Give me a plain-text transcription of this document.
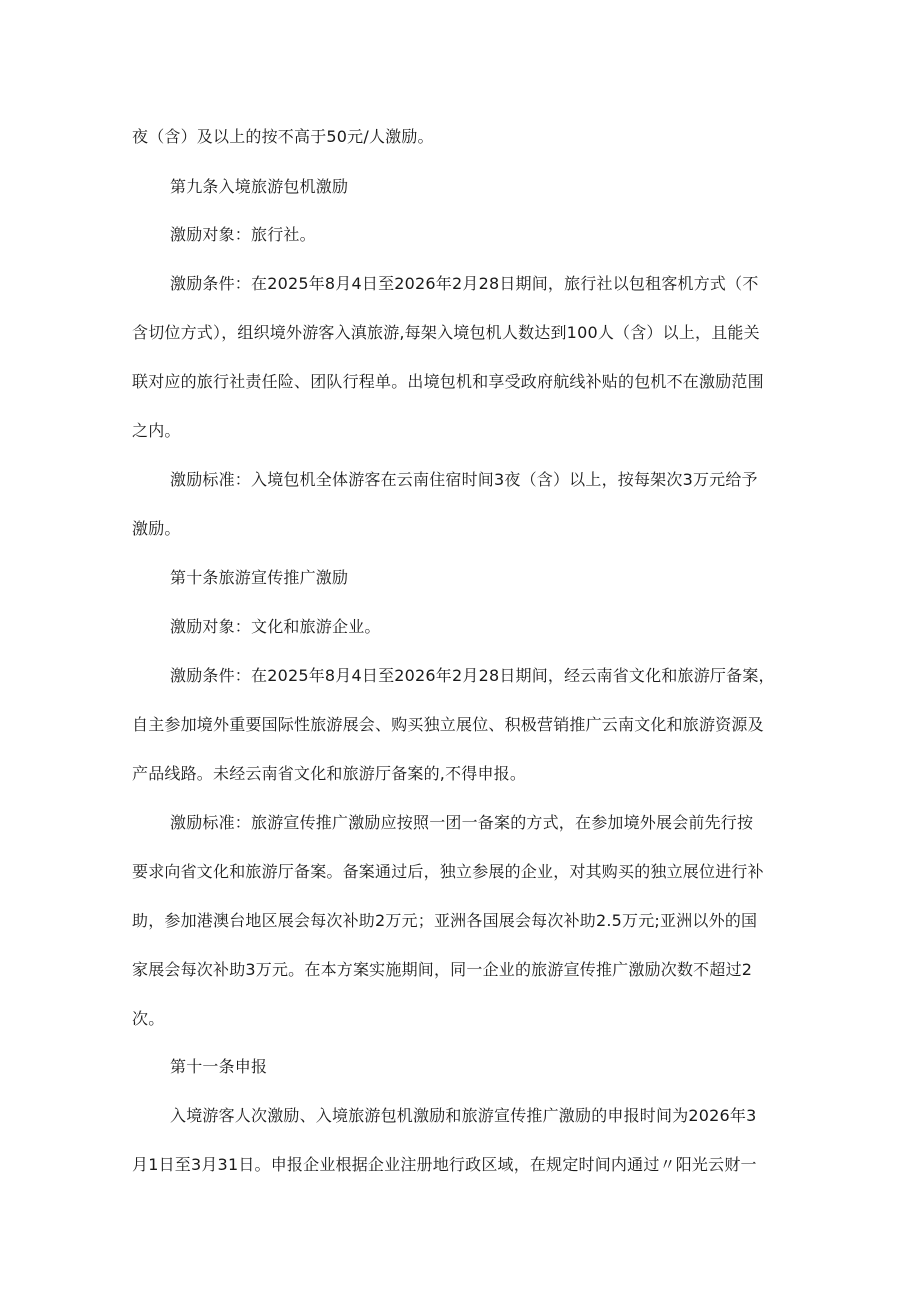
夜（含）及以上的按不高于50元/人激励。
第九条入境旅游包机激励
激励对象：旅行社。
激励条件：在2025年8月4日至2026年2月28日期间，旅行社以包租客机方式（不
含切位方式），组织境外游客入滇旅游,每架入境包机人数达到100人（含）以上，且能关
联对应的旅行社责任险、团队行程单。出境包机和享受政府航线补贴的包机不在激励范围
之内。
激励标准：入境包机全体游客在云南住宿时间3夜（含）以上，按每架次3万元给予
激励。
第十条旅游宣传推广激励
激励对象：文化和旅游企业。
激励条件：在2025年8月4日至2026年2月28日期间，经云南省文化和旅游厅备案，
自主参加境外重要国际性旅游展会、购买独立展位、积极营销推广云南文化和旅游资源及
产品线路。未经云南省文化和旅游厅备案的,不得申报。
激励标准：旅游宣传推广激励应按照一团一备案的方式，在参加境外展会前先行按
要求向省文化和旅游厅备案。备案通过后，独立参展的企业，对其购买的独立展位进行补
助，参加港澳台地区展会每次补助2万元；亚洲各国展会每次补助2.5万元;亚洲以外的国
家展会每次补助3万元。在本方案实施期间，同一企业的旅游宣传推广激励次数不超过2
次。
第十一条申报
入境游客人次激励、入境旅游包机激励和旅游宣传推广激励的申报时间为2026年3
月1日至3月31日。申报企业根据企业注册地行政区域，在规定时间内通过〃阳光云财一
